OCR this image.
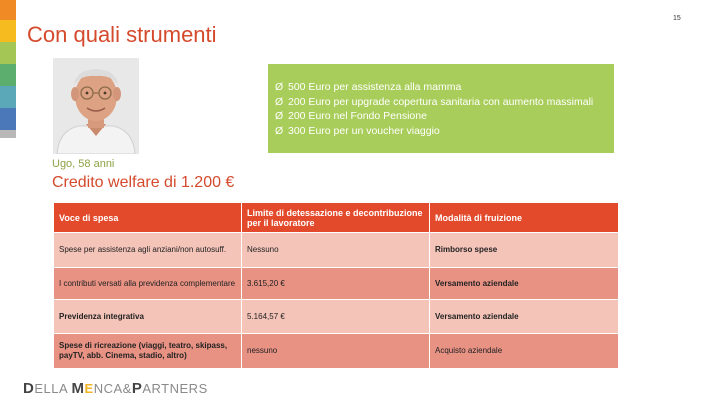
Con quali strumenti
15
Ø 500 Euro per assistenza alla mamma
Ø 200 Euro per upgrade copertura sanitaria con aumento massimali
Ø 200 Euro nel Fondo Pensione
Ø 300 Euro per un voucher viaggio
Ugo, 58 anni
Credito welfare di 1.200 €
Voce di spesa	Limite di detessazione e decontribuzione per il lavoratore	Modalità di fruizione
Spese per assistenza agli anziani/non autosuff.	Nessuno	Rimborso spese
I contributi versati alla previdenza complementare	3.615,20 €	Versamento aziendale
Previdenza integrativa	5.164,57 €	Versamento aziendale
Spese di ricreazione (viaggi, teatro, skipass, payTV, abb. Cinema, stadio, altro)	nessuno	Acquisto aziendale
DELLA MENCA&PARTNERS
